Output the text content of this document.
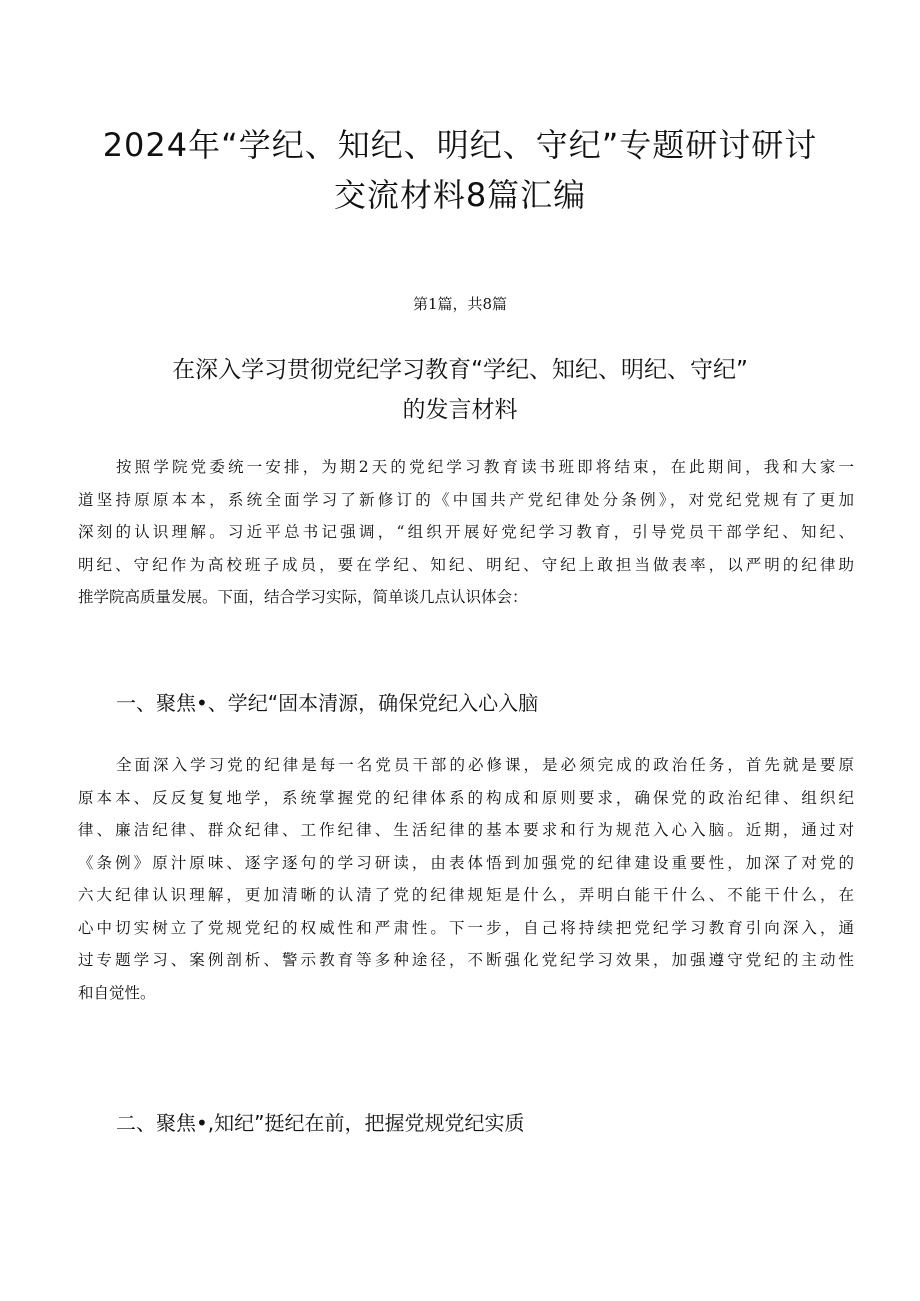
2024年“学纪、知纪、明纪、守纪”专题研讨研讨
交流材料8篇汇编
第1篇，共8篇
在深入学习贯彻党纪学习教育“学纪、知纪、明纪、守纪”
的发言材料
按照学院党委统一安排，为期2天的党纪学习教育读书班即将结束，在此期间，我和大家一
道坚持原原本本，系统全面学习了新修订的《中国共产党纪律处分条例》，对党纪党规有了更加
深刻的认识理解。习近平总书记强调，“组织开展好党纪学习教育，引导党员干部学纪、知纪、
明纪、守纪作为高校班子成员，要在学纪、知纪、明纪、守纪上敢担当做表率，以严明的纪律助
推学院高质量发展。下面，结合学习实际，简单谈几点认识体会：
一、聚焦•、学纪“固本清源，确保党纪入心入脑
全面深入学习党的纪律是每一名党员干部的必修课，是必须完成的政治任务，首先就是要原
原本本、反反复复地学，系统掌握党的纪律体系的构成和原则要求，确保党的政治纪律、组织纪
律、廉洁纪律、群众纪律、工作纪律、生活纪律的基本要求和行为规范入心入脑。近期，通过对
《条例》原汁原味、逐字逐句的学习研读，由表体悟到加强党的纪律建设重要性，加深了对党的
六大纪律认识理解，更加清晰的认清了党的纪律规矩是什么，弄明白能干什么、不能干什么，在
心中切实树立了党规党纪的权威性和严肃性。下一步，自己将持续把党纪学习教育引向深入，通
过专题学习、案例剖析、警示教育等多种途径，不断强化党纪学习效果，加强遵守党纪的主动性
和自觉性。
二、聚焦•,知纪”挺纪在前，把握党规党纪实质
